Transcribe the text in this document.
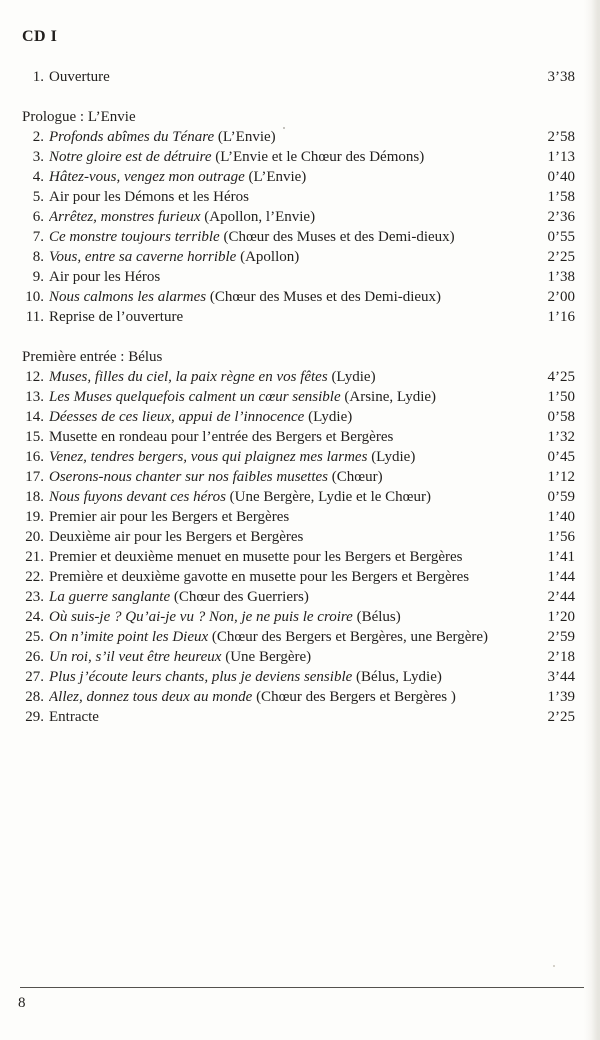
CD I
1. Ouverture	3’38
Prologue : L’Envie
2. Profonds abîmes du Ténare (L’Envie)	2’58
3. Notre gloire est de détruire (L’Envie et le Chœur des Démons)	1’13
4. Hâtez-vous, vengez mon outrage (L’Envie)	0’40
5. Air pour les Démons et les Héros	1’58
6. Arrêtez, monstres furieux (Apollon, l’Envie)	2’36
7. Ce monstre toujours terrible (Chœur des Muses et des Demi-dieux)	0’55
8. Vous, entre sa caverne horrible (Apollon)	2’25
9. Air pour les Héros	1’38
10. Nous calmons les alarmes (Chœur des Muses et des Demi-dieux)	2’00
11. Reprise de l’ouverture	1’16
Première entrée : Bélus
12. Muses, filles du ciel, la paix règne en vos fêtes (Lydie)	4’25
13. Les Muses quelquefois calment un cœur sensible (Arsine, Lydie)	1’50
14. Déesses de ces lieux, appui de l’innocence (Lydie)	0’58
15. Musette en rondeau pour l’entrée des Bergers et Bergères	1’32
16. Venez, tendres bergers, vous qui plaignez mes larmes (Lydie)	0’45
17. Oserons-nous chanter sur nos faibles musettes (Chœur)	1’12
18. Nous fuyons devant ces héros (Une Bergère, Lydie et le Chœur)	0’59
19. Premier air pour les Bergers et Bergères	1’40
20. Deuxième air pour les Bergers et Bergères	1’56
21. Premier et deuxième menuet en musette pour les Bergers et Bergères	1’41
22. Première et deuxième gavotte en musette pour les Bergers et Bergères	1’44
23. La guerre sanglante (Chœur des Guerriers)	2’44
24. Où suis-je ? Qu’ai-je vu ? Non, je ne puis le croire (Bélus)	1’20
25. On n’imite point les Dieux (Chœur des Bergers et Bergères, une Bergère)	2’59
26. Un roi, s’il veut être heureux (Une Bergère)	2’18
27. Plus j’écoute leurs chants, plus je deviens sensible (Bélus, Lydie)	3’44
28. Allez, donnez tous deux au monde (Chœur des Bergers et Bergères )	1’39
29. Entracte	2’25
8
